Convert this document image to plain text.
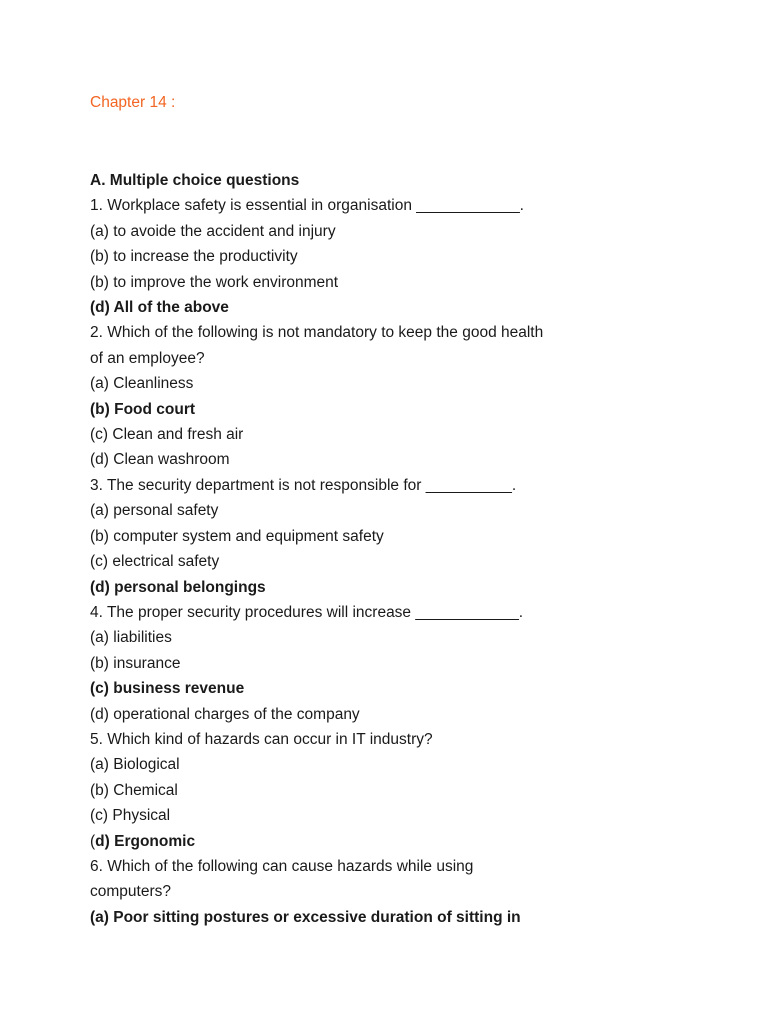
Chapter 14 :
A. Multiple choice questions
1. Workplace safety is essential in organisation ____________.
(a) to avoide the accident and injury
(b) to increase the productivity
(b) to improve the work environment
(d) All of the above
2. Which of the following is not mandatory to keep the good health of an employee?
(a) Cleanliness
(b) Food court
(c) Clean and fresh air
(d) Clean washroom
3. The security department is not responsible for __________.
(a) personal safety
(b) computer system and equipment safety
(c) electrical safety
(d) personal belongings
4. The proper security procedures will increase ____________.
(a) liabilities
(b) insurance
(c) business revenue
(d) operational charges of the company
5. Which kind of hazards can occur in IT industry?
(a) Biological
(b) Chemical
(c) Physical
(d) Ergonomic
6. Which of the following can cause hazards while using computers?
(a) Poor sitting postures or excessive duration of sitting in
